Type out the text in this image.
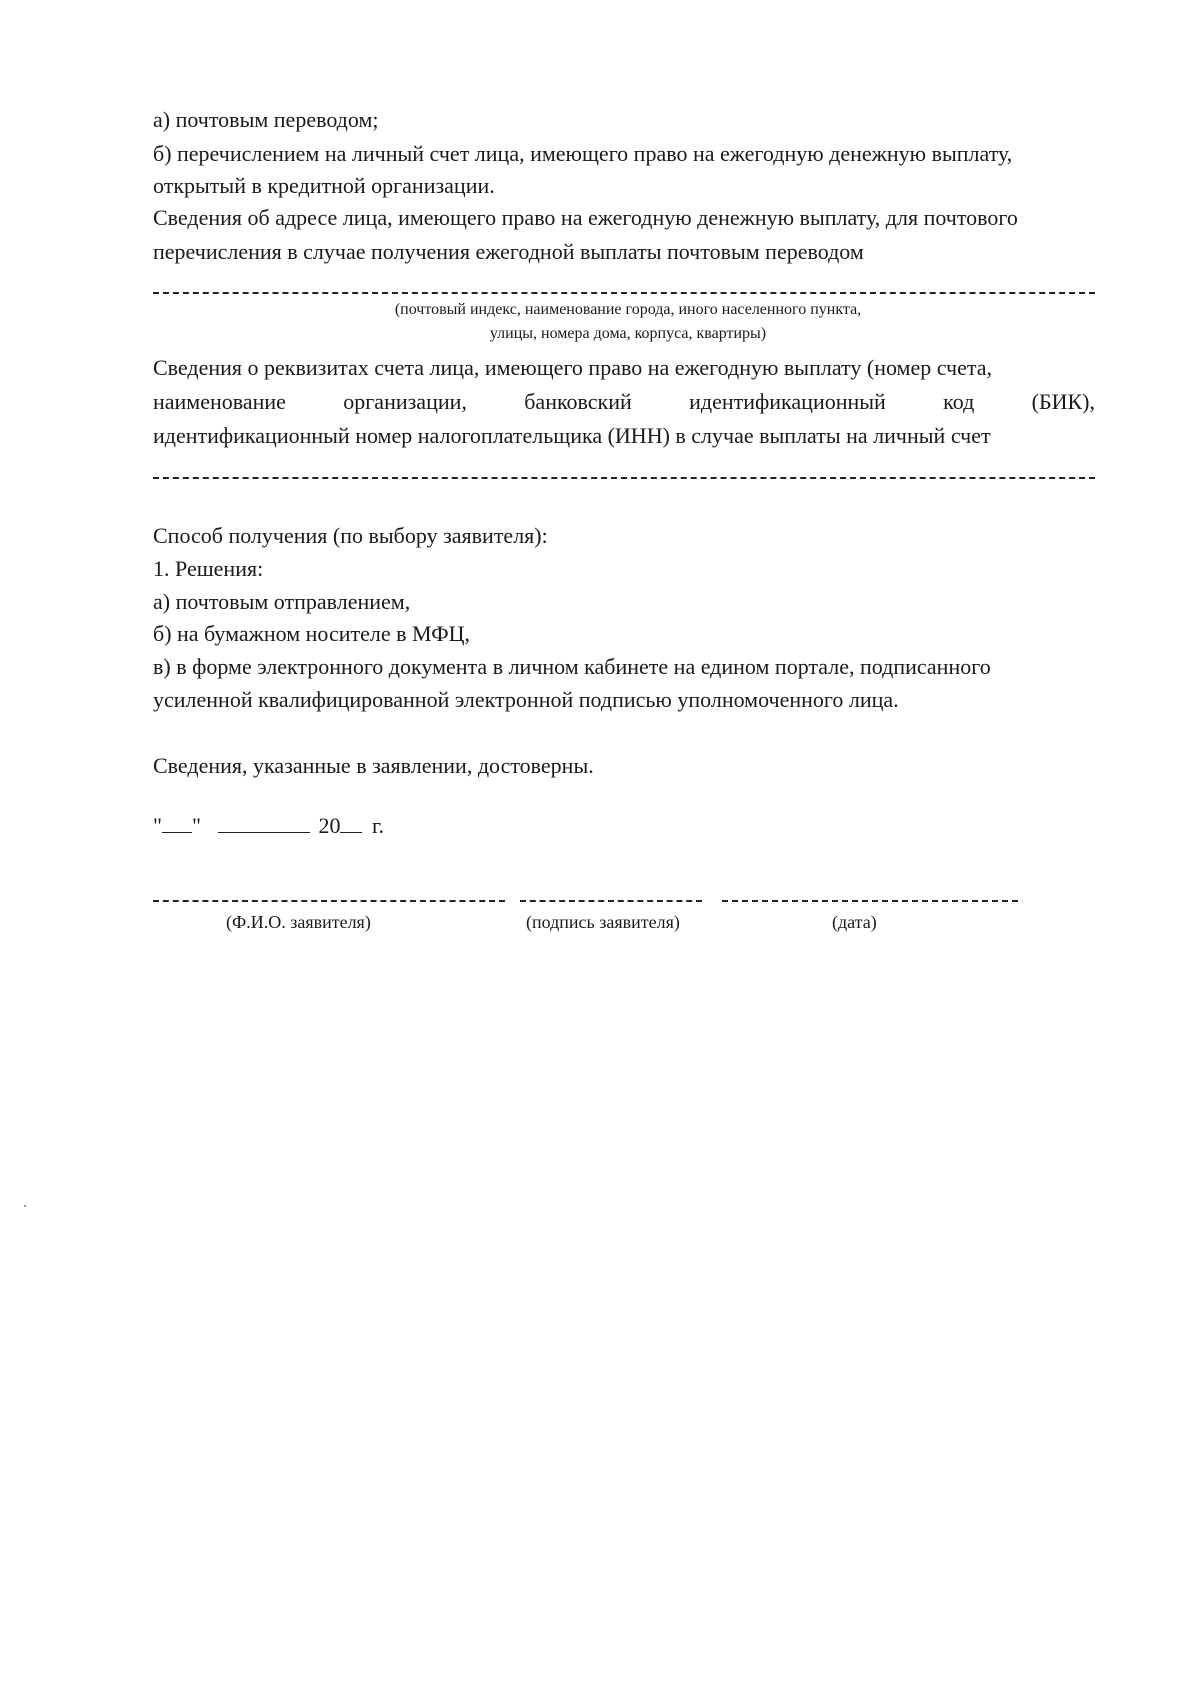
а) почтовым переводом;
б) перечислением на личный счет лица, имеющего право на ежегодную денежную выплату,
открытый в кредитной организации.
Сведения об адресе лица, имеющего право на ежегодную денежную выплату, для почтового
перечисления в случае получения ежегодной выплаты почтовым переводом
(почтовый индекс, наименование города, иного населенного пункта,
улицы, номера дома, корпуса, квартиры)
Сведения о реквизитах счета лица, имеющего право на ежегодную выплату (номер счета,
наименование	организации,	банковский	идентификационный	код	(БИК),
идентификационный номер налогоплательщика (ИНН) в случае выплаты на личный счет
Способ получения (по выбору заявителя):
1. Решения:
а) почтовым отправлением,
б) на бумажном носителе в МФЦ,
в) в форме электронного документа в личном кабинете на едином портале, подписанного
усиленной квалифицированной электронной подписью уполномоченного лица.
Сведения, указанные в заявлении, достоверны.
" "	20 г.
(Ф.И.О. заявителя)	(подпись заявителя)	(дата)
